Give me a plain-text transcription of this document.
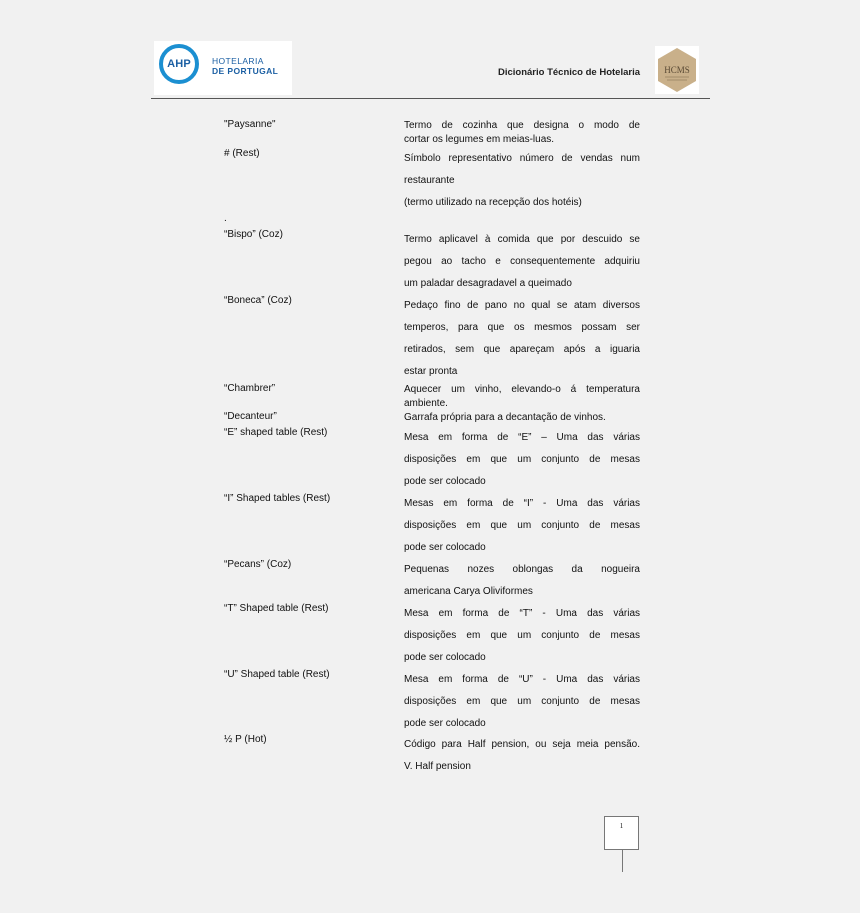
AHP	HOTELARIA
DE PORTUGAL	Dicionário Técnico de Hotelaria	HCMS
"Paysanne"	Termo de cozinha que designa o modo de
cortar os legumes em meias-luas.
# (Rest)	Símbolo representativo número de vendas num
restaurante
(termo utilizado na recepção dos hotéis)
“Bispo” (Coz)	Termo aplicavel à comida que por descuido se
pegou ao tacho e consequentemente adquiriu
um paladar desagradavel a queimado
“Boneca” (Coz)	Pedaço fino de pano no qual se atam diversos
temperos, para que os mesmos possam ser
retirados, sem que apareçam após a iguaria
estar pronta
“Chambrer”	Aquecer um vinho, elevando-o á temperatura
ambiente.
“Decanteur”	Garrafa própria para a decantação de vinhos.
“E” shaped table (Rest)	Mesa em forma de “E” – Uma das várias
disposições em que um conjunto de mesas
pode ser colocado
“I” Shaped tables (Rest)	Mesas em forma de “I” - Uma das várias
disposições em que um conjunto de mesas
pode ser colocado
“Pecans” (Coz)	Pequenas nozes oblongas da nogueira
americana Carya Oliviformes
“T” Shaped table (Rest)	Mesa em forma de “T” - Uma das várias
disposições em que um conjunto de mesas
pode ser colocado
“U” Shaped table (Rest)	Mesa em forma de “U” - Uma das várias
disposições em que um conjunto de mesas
pode ser colocado
½ P (Hot)	Código para Half pension, ou seja meia pensão.
V. Half pension
.
1
